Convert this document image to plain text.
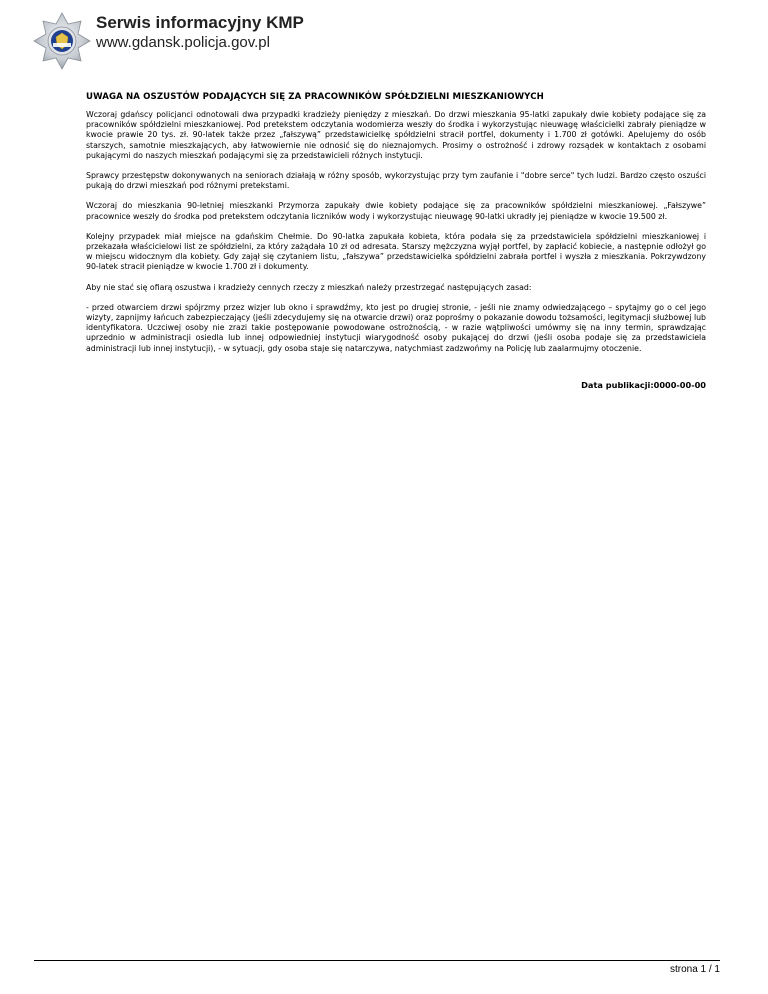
Serwis informacyjny KMP
www.gdansk.policja.gov.pl
UWAGA NA OSZUSTÓW PODAJĄCYCH SIĘ ZA PRACOWNIKÓW SPÓŁDZIELNI MIESZKANIOWYCH

Wczoraj gdańscy policjanci odnotowali dwa przypadki kradzieży pieniędzy z mieszkań. Do drzwi mieszkania 95-latki zapukały dwie kobiety podające się za pracowników spółdzielni mieszkaniowej. Pod pretekstem odczytania wodomierza weszły do środka i wykorzystując nieuwagę właścicielki zabrały pieniądze w kwocie prawie 20 tys. zł. 90-latek także przez „fałszywą” przedstawicielkę spółdzielni stracił portfel, dokumenty i 1.700 zł gotówki. Apelujemy do osób starszych, samotnie mieszkających, aby łatwowiernie nie odnosić się do nieznajomych. Prosimy o ostrożność i zdrowy rozsądek w kontaktach z osobami pukającymi do naszych mieszkań podającymi się za przedstawicieli różnych instytucji.

Sprawcy przestępstw dokonywanych na seniorach działają w różny sposób, wykorzystując przy tym zaufanie i "dobre serce" tych ludzi. Bardzo często oszuści pukają do drzwi mieszkań pod różnymi pretekstami.

Wczoraj do mieszkania 90-letniej mieszkanki Przymorza zapukały dwie kobiety podające się za pracowników spółdzielni mieszkaniowej. „Fałszywe” pracownice weszły do środka pod pretekstem odczytania liczników wody i wykorzystując nieuwagę 90-latki ukradły jej pieniądze w kwocie 19.500 zł.

Kolejny przypadek miał miejsce na gdańskim Chełmie. Do 90-latka zapukała kobieta, która podała się za przedstawiciela spółdzielni mieszkaniowej i przekazała właścicielowi list ze spółdzielni, za który zażądała 10 zł od adresata. Starszy mężczyzna wyjął portfel, by zapłacić kobiecie, a następnie odłożył go w miejscu widocznym dla kobiety. Gdy zajął się czytaniem listu, „fałszywa” przedstawicielka spółdzielni zabrała portfel i wyszła z mieszkania. Pokrzywdzony 90-latek stracił pieniądze w kwocie 1.700 zł i dokumenty.

Aby nie stać się ofiarą oszustwa i kradzieży cennych rzeczy z mieszkań należy przestrzegać następujących zasad:

- przed otwarciem drzwi spójrzmy przez wizjer lub okno i sprawdźmy, kto jest po drugiej stronie, - jeśli nie znamy odwiedzającego – spytajmy go o cel jego wizyty, zapnijmy łańcuch zabezpieczający (jeśli zdecydujemy się na otwarcie drzwi) oraz poprośmy o pokazanie dowodu tożsamości, legitymacji służbowej lub identyfikatora. Uczciwej osoby nie zrazi takie postępowanie powodowane ostrożnością, - w razie wątpliwości umówmy się na inny termin, sprawdzając uprzednio w administracji osiedla lub innej odpowiedniej instytucji wiarygodność osoby pukającej do drzwi (jeśli osoba podaje się za przedstawiciela administracji lub innej instytucji), - w sytuacji, gdy osoba staje się natarczywa, natychmiast zadzwońmy na Policję lub zaalarmujmy otoczenie.

Data publikacji:0000-00-00
strona 1 / 1
